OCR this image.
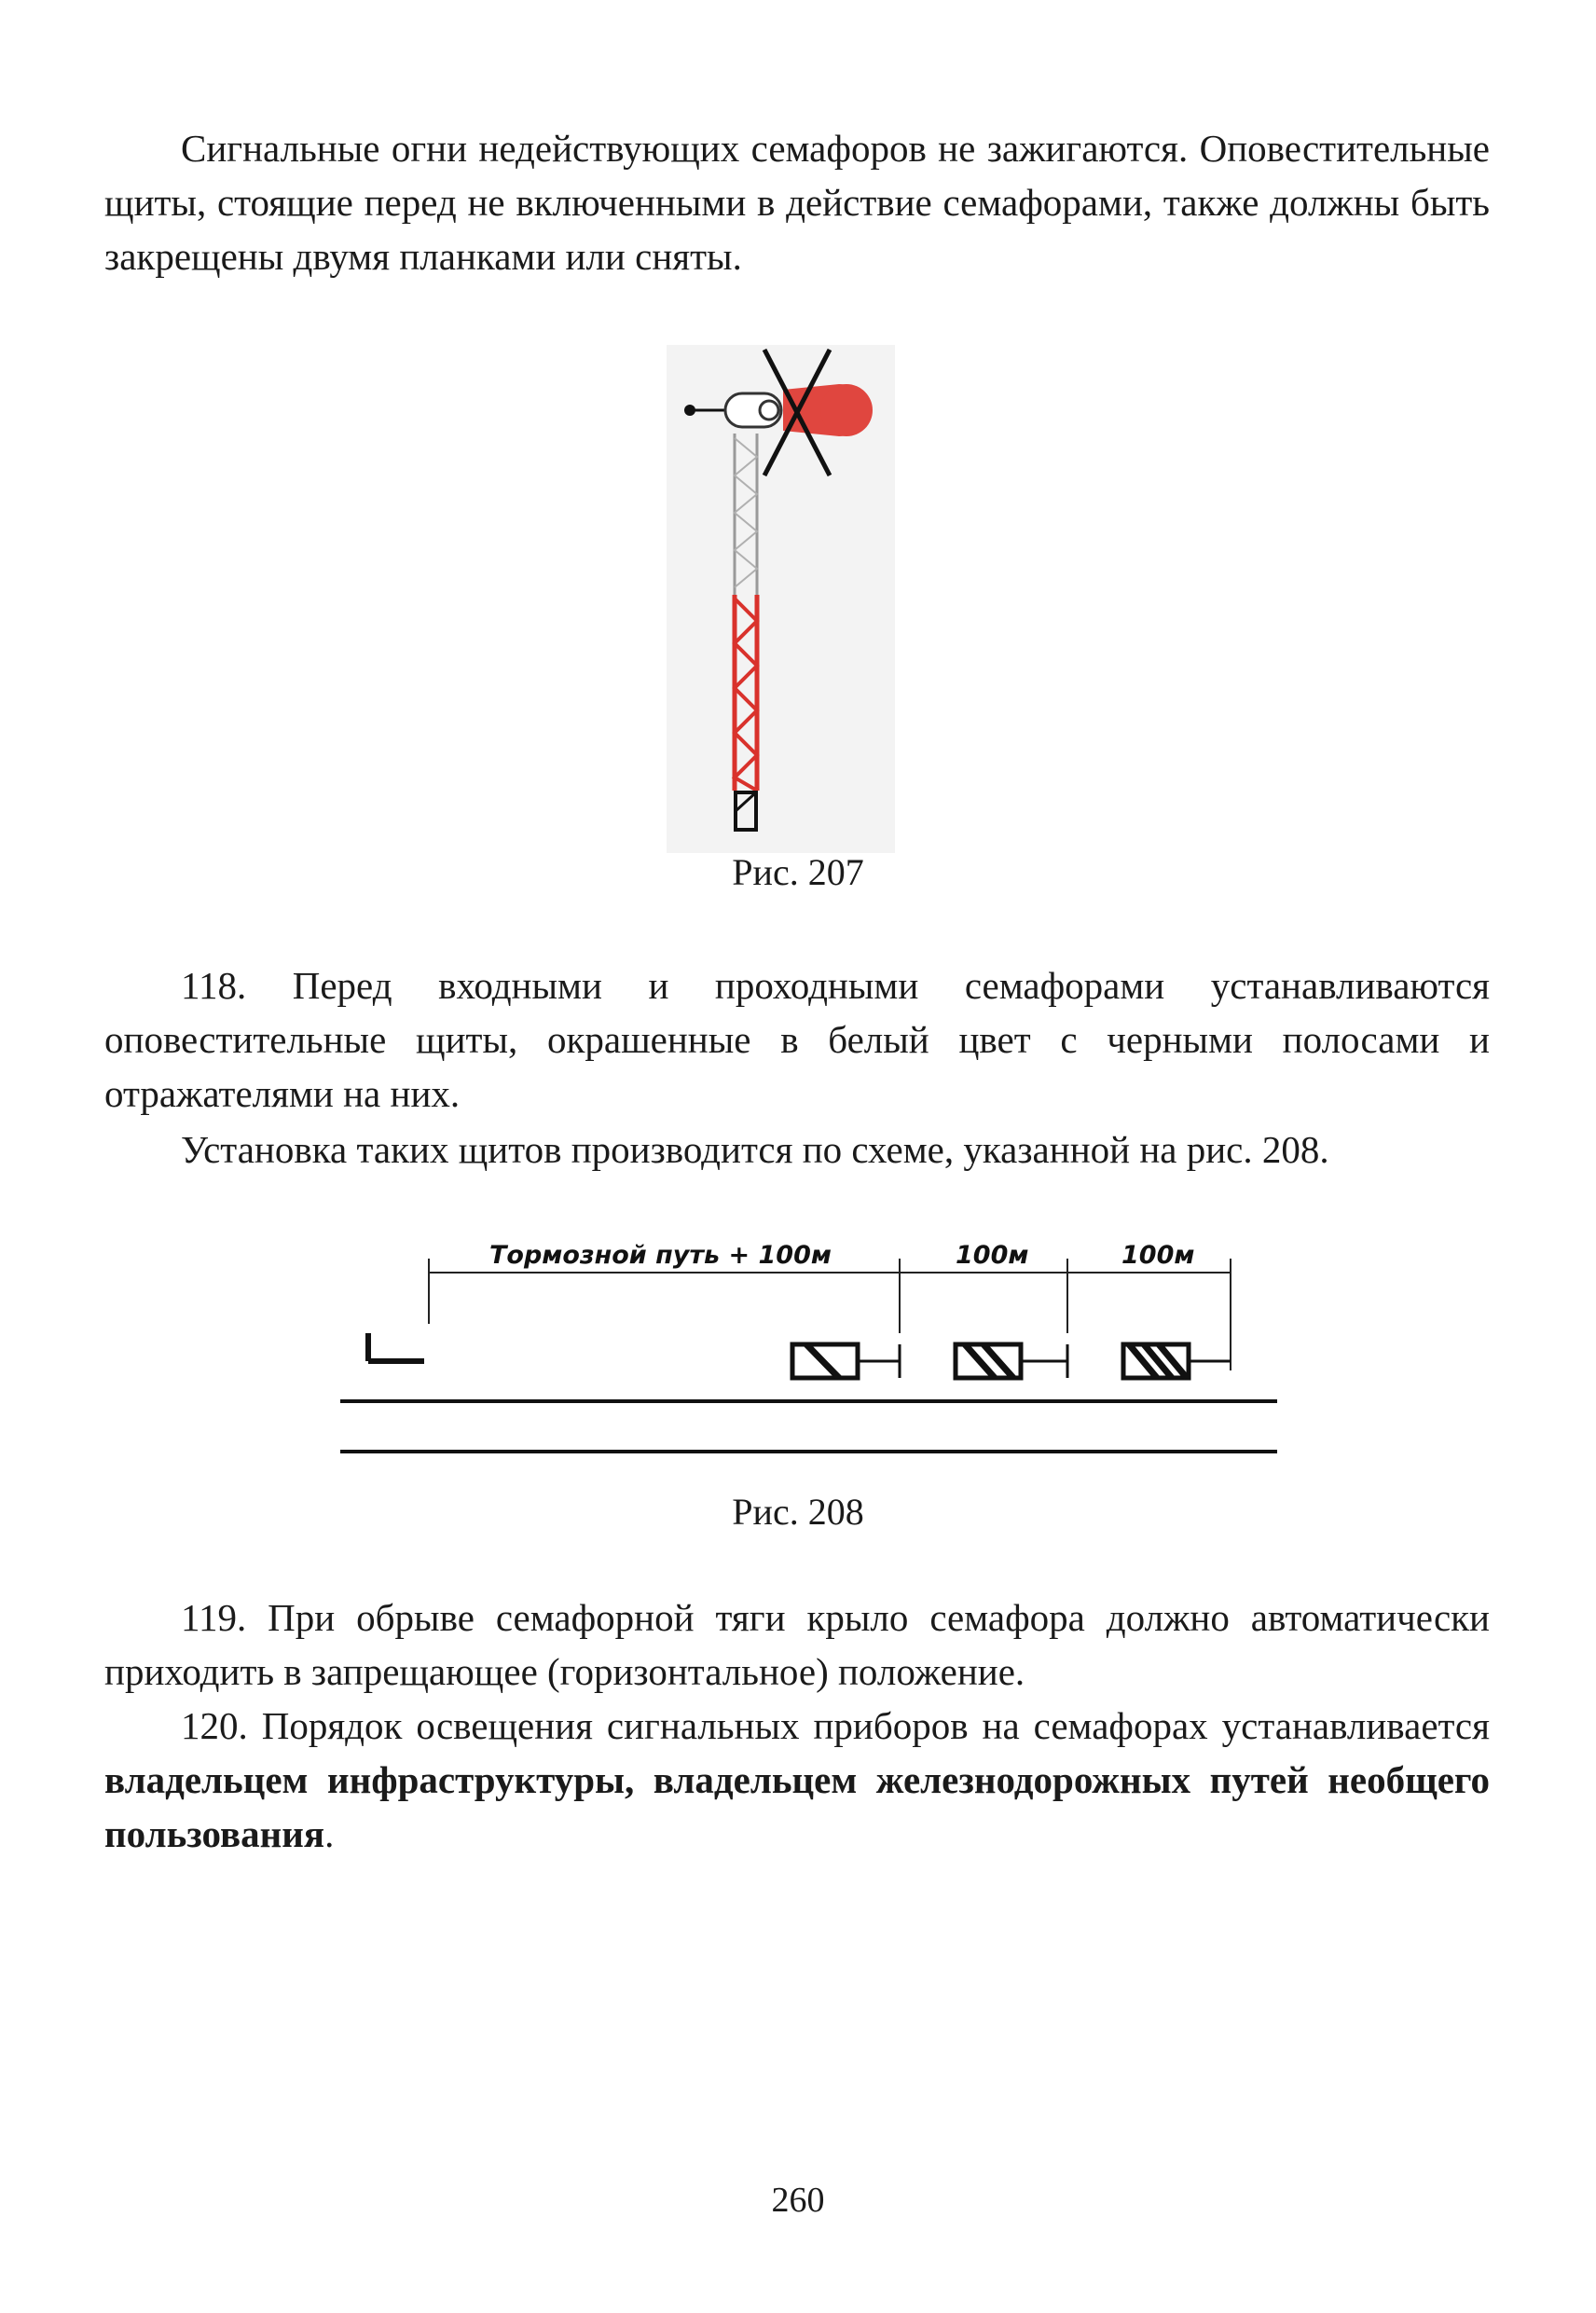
Сигнальные огни недействующих семафоров не зажигаются. Оповестительные щиты, стоящие перед не включенными в действие семафорами, также должны быть закрещены двумя планками или сняты.

Рис. 207

118. Перед входными и проходными семафорами устанавливаются оповестительные щиты, окрашенные в белый цвет с черными полосами и отражателями на них.

Установка таких щитов производится по схеме, указанной на рис. 208.

Тормозной путь + 100м	100м	100м

Рис. 208

119. При обрыве семафорной тяги крыло семафора должно автоматически приходить в запрещающее (горизонтальное) положение.

120. Порядок освещения сигнальных приборов на семафорах устанавливается владельцем инфраструктуры, владельцем железнодорожных путей необщего пользования.

260
